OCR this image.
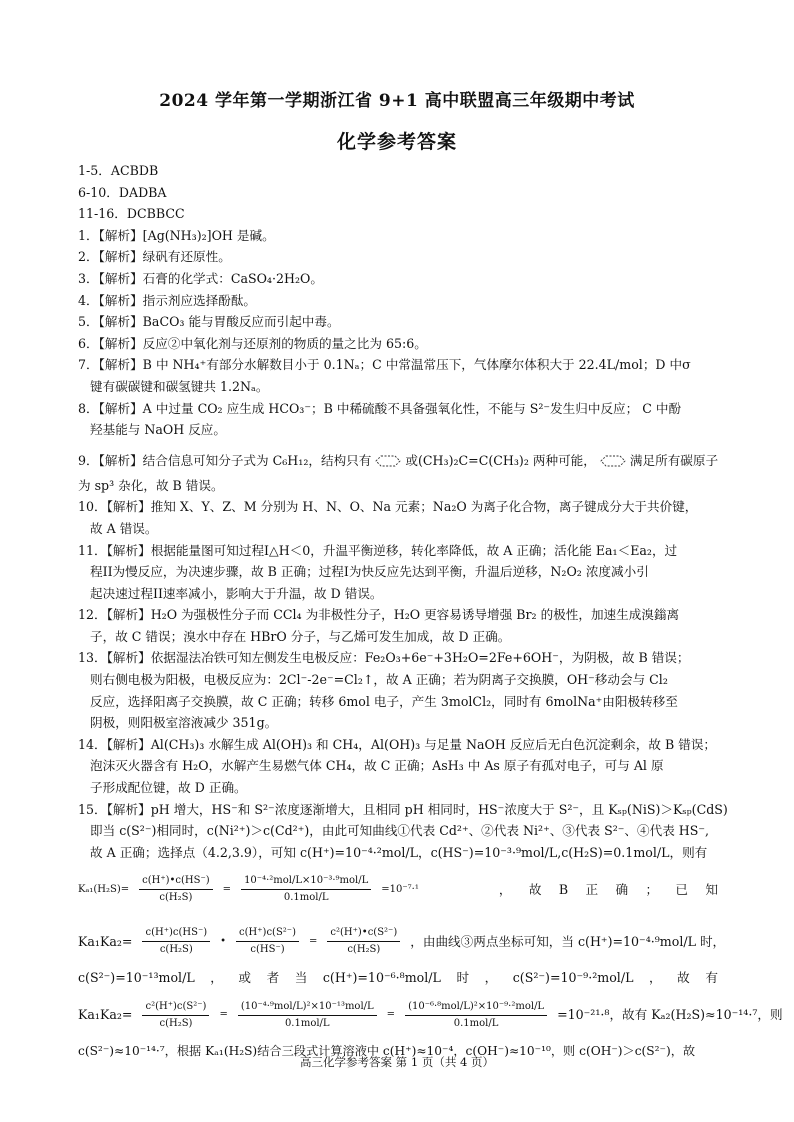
2024 学年第一学期浙江省 9+1 高中联盟高三年级期中考试
化学参考答案
1-5．ACBDB
6-10．DADBA
11-16．DCBBCC
1．【解析】[Ag(NH₃)₂]OH 是碱。
2．【解析】绿矾有还原性。
3．【解析】石膏的化学式：CaSO₄·2H₂O。
4．【解析】指示剂应选择酚酞。
5．【解析】BaCO₃ 能与胃酸反应而引起中毒。
6．【解析】反应②中氧化剂与还原剂的物质的量之比为 65:6。
7．【解析】B 中 NH₄⁺有部分水解数目小于 0.1Nₐ；C 中常温常压下，气体摩尔体积大于 22.4L/mol；D 中σ
键有碳碳键和碳氢键共 1.2Nₐ。
8．【解析】A 中过量 CO₂ 应生成 HCO₃⁻；B 中稀硫酸不具备强氧化性，不能与 S²⁻发生归中反应； C 中酚
羟基能与 NaOH 反应。
9．【解析】结合信息可知分子式为 C₆H₁₂，结构只有	或(CH₃)₂C=C(CH₃)₂ 两种可能，	满足所有碳原子
为 sp³ 杂化，故 B 错误。
10．【解析】推知 X、Y、Z、M 分别为 H、N、O、Na 元素；Na₂O 为离子化合物，离子键成分大于共价键，
故 A 错误。
11．【解析】根据能量图可知过程I△H＜0，升温平衡逆移，转化率降低，故 A 正确；活化能 Ea₁＜Ea₂，过
程II为慢反应，为决速步骤，故 B 正确；过程I为快反应先达到平衡，升温后逆移，N₂O₂ 浓度减小引
起决速过程II速率减小，影响大于升温，故 D 错误。
12．【解析】H₂O 为强极性分子而 CCl₄ 为非极性分子，H₂O 更容易诱导增强 Br₂ 的极性，加速生成溴鎓离
子，故 C 错误；溴水中存在 HBrO 分子，与乙烯可发生加成，故 D 正确。
13．【解析】依据湿法冶铁可知左侧发生电极反应：Fe₂O₃+6e⁻+3H₂O=2Fe+6OH⁻，为阴极，故 B 错误；
则右侧电极为阳极，电极反应为：2Cl⁻-2e⁻=Cl₂↑，故 A 正确；若为阴离子交换膜，OH⁻移动会与 Cl₂
反应，选择阳离子交换膜，故 C 正确；转移 6mol 电子，产生 3molCl₂，同时有 6molNa⁺由阳极转移至
阴极，则阳极室溶液减少 351g。
14．【解析】Al(CH₃)₃ 水解生成 Al(OH)₃ 和 CH₄，Al(OH)₃ 与足量 NaOH 反应后无白色沉淀剩余，故 B 错误；
泡沫灭火器含有 H₂O，水解产生易燃气体 CH₄，故 C 正确；AsH₃ 中 As 原子有孤对电子，可与 Al 原
子形成配位键，故 D 正确。
15．【解析】pH 增大，HS⁻和 S²⁻浓度逐渐增大，且相同 pH 相同时，HS⁻浓度大于 S²⁻，且 Kₛₚ(NiS)＞Kₛₚ(CdS)
即当 c(S²⁻)相同时，c(Ni²⁺)＞c(Cd²⁺)，由此可知曲线①代表 Cd²⁺、②代表 Ni²⁺、③代表 S²⁻、④代表 HS⁻,
故 A 正确；选择点（4.2,3.9），可知 c(H⁺)=10⁻⁴·²mol/L，c(HS⁻)=10⁻³·⁹mol/L,c(H₂S)=0.1mol/L，则有
$K_{a1}(H_2S)= \frac{c(H^+)•c(HS^-)}{\text{c(H₂S)}} = \frac{\text{10⁻⁴·²mol/L×10⁻³·⁹mol/L}}{\text{0.1mol/L}} =10^{-7}\cdot^1$	， 故 B 正 确 ； 已 知
$Ka_1Ka_2= \frac{c(H^+)c(HS^-)}{\text{c(H₂S)}}$ • $\frac{\text{c(H⁺)c(S²⁻)}}{c(HS^-)} = \frac{\text{c²(H⁺)•c(S²⁻)}}{\text{c(H₂S)}}$ ，由曲线③两点坐标可知，当 c(H⁺)=10⁻⁴·⁹mol/L 时，
c(S²⁻)=10⁻¹³mol/L ， 或 者 当 c(H⁺)=10⁻⁶·⁸mol/L 时 ， c(S²⁻)=10⁻⁹·²mol/L ， 故 有
$Ka_1Ka_2= \frac{\text{c²(H⁺)c(S²⁻)}}{\text{c(H₂S)}} = \frac{\text{(10⁻⁴·⁹mol/L)²×10⁻¹³mol/L}}{\text{0.1mol/L}} = \frac{\text{(10⁻⁶·⁸mol/L)²×10⁻⁹·²mol/L}}{\text{0.1mol/L}} =10^{-21}\cdot^8$，故有 Kₐ₂(H₂S)≈10⁻¹⁴·⁷，则
c(S²⁻)≈10⁻¹⁴·⁷，根据 Kₐ₁(H₂S)结合三段式计算溶液中 c(H⁺)≈10⁻⁴，c(OH⁻)≈10⁻¹⁰，则 c(OH⁻)＞c(S²⁻)，故
高三化学参考答案 第 1 页（共 4 页）
